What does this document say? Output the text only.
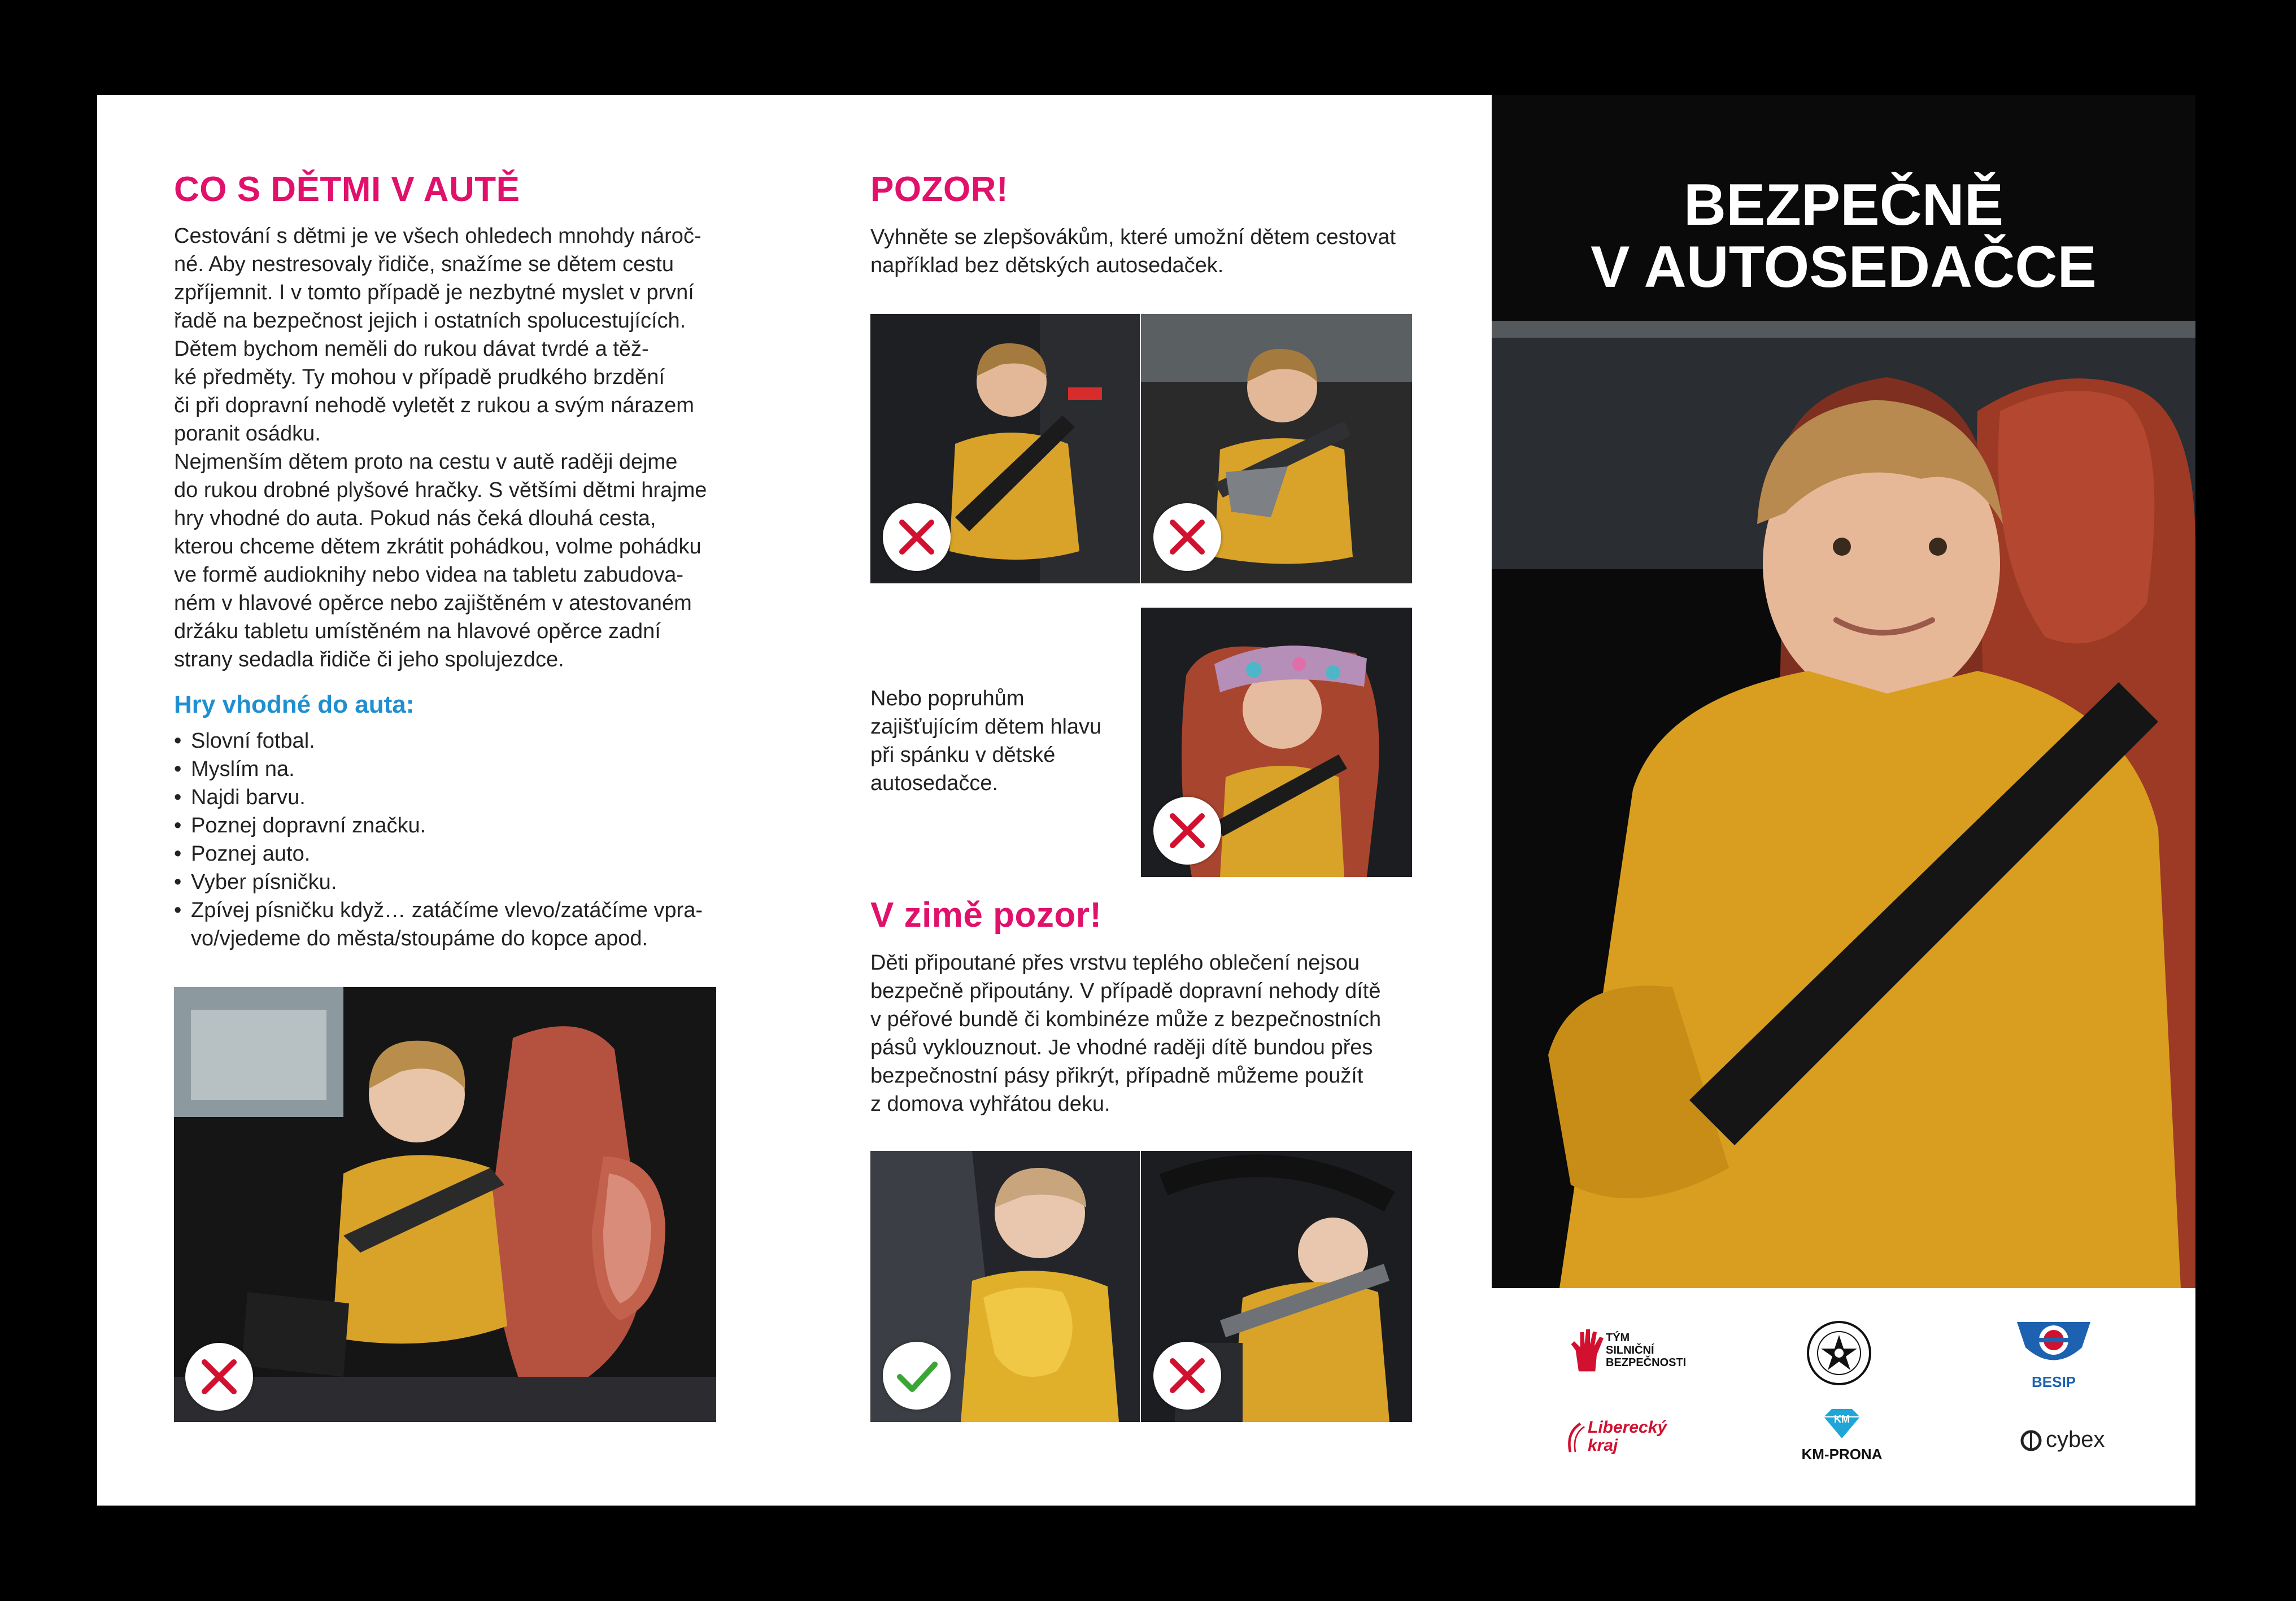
CO S DĚTMI V AUTĚ

Cestování s dětmi je ve všech ohledech mnohdy nároč-
né. Aby nestresovaly řidiče, snažíme se dětem cestu
zpříjemnit. I v tomto případě je nezbytné myslet v první
řadě na bezpečnost jejich i ostatních spolucestujících.
Dětem bychom neměli do rukou dávat tvrdé a těž-
ké předměty. Ty mohou v případě prudkého brzdění
či při dopravní nehodě vyletět z rukou a svým nárazem
poranit osádku.
Nejmenším dětem proto na cestu v autě raději dejme
do rukou drobné plyšové hračky. S většími dětmi hrajme
hry vhodné do auta. Pokud nás čeká dlouhá cesta,
kterou chceme dětem zkrátit pohádkou, volme pohádku
ve formě audioknihy nebo videa na tabletu zabudova-
ném v hlavové opěrce nebo zajištěném v atestovaném
držáku tabletu umístěném na hlavové opěrce zadní
strany sedadla řidiče či jeho spolujezdce.

Hry vhodné do auta:
• Slovní fotbal.
• Myslím na.
• Najdi barvu.
• Poznej dopravní značku.
• Poznej auto.
• Vyber písničku.
• Zpívej písničku když… zatáčíme vlevo/zatáčíme vpra-
vo/vjedeme do města/stoupáme do kopce apod.
POZOR!

Vyhněte se zlepšovákům, které umožní dětem cestovat
například bez dětských autosedaček.

Nebo popruhům
zajišťujícím dětem hlavu
při spánku v dětské
autosedačce.

V zimě pozor!

Děti připoutané přes vrstvu teplého oblečení nejsou
bezpečně připoutány. V případě dopravní nehody dítě
v péřové bundě či kombinéze může z bezpečnostních
pásů vyklouznout. Je vhodné raději dítě bundou přes
bezpečnostní pásy přikrýt, případně můžeme použít
z domova vyhřátou deku.

BEZPEČNĚ
V AUTOSEDAČCE
TÝM
SILNIČNÍ
BEZPEČNOSTI
BESIP
Liberecký
kraj
KM
KM-PRONA
cybex
